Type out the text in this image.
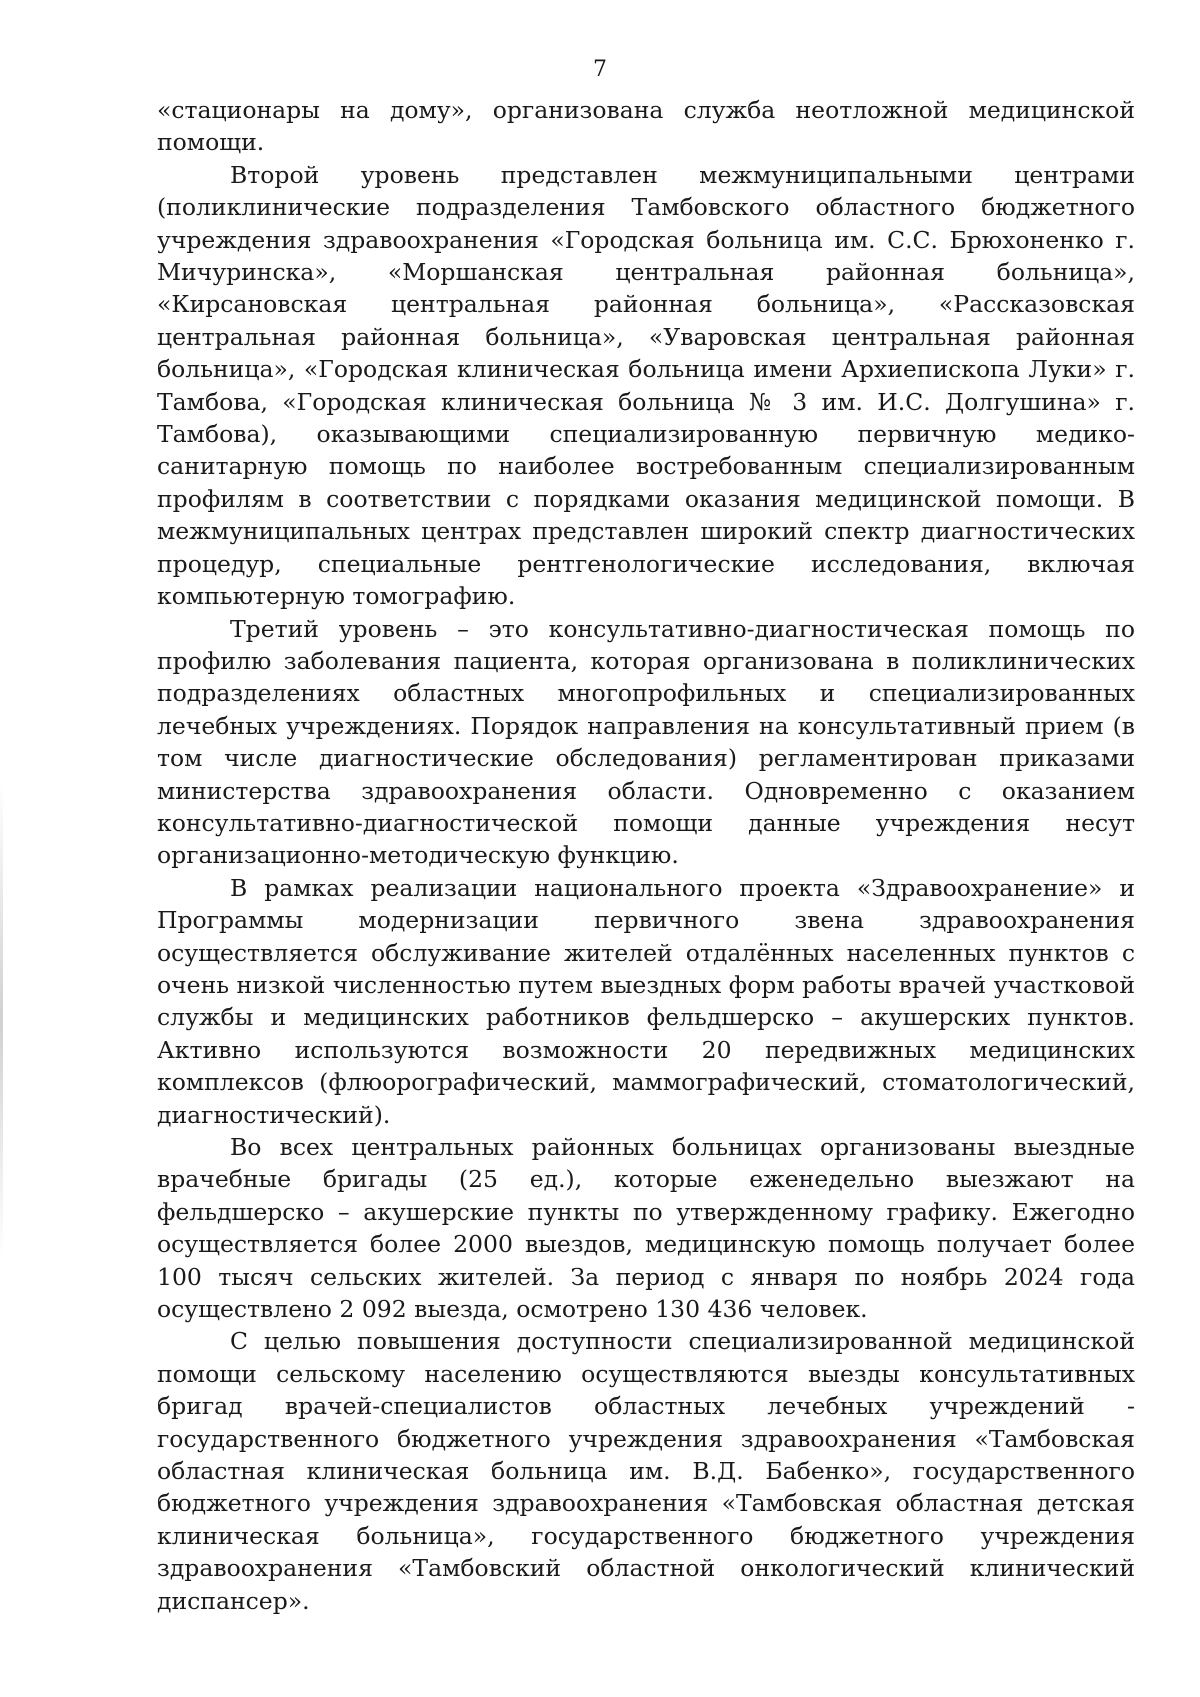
7

«стационары на дому», организована служба неотложной медицинской помощи.

Второй уровень представлен межмуниципальными центрами (поликлинические подразделения Тамбовского областного бюджетного учреждения здравоохранения «Городская больница им. С.С. Брюхоненко г. Мичуринска», «Моршанская центральная районная больница», «Кирсановская центральная районная больница», «Рассказовская центральная районная больница», «Уваровская центральная районная больница», «Городская клиническая больница имени Архиепископа Луки» г. Тамбова, «Городская клиническая больница № 3 им. И.С. Долгушина» г. Тамбова), оказывающими специализированную первичную медико-санитарную помощь по наиболее востребованным специализированным профилям в соответствии с порядками оказания медицинской помощи. В межмуниципальных центрах представлен широкий спектр диагностических процедур, специальные рентгенологические исследования, включая компьютерную томографию.

Третий уровень – это консультативно-диагностическая помощь по профилю заболевания пациента, которая организована в поликлинических подразделениях областных многопрофильных и специализированных лечебных учреждениях. Порядок направления на консультативный прием (в том числе диагностические обследования) регламентирован приказами министерства здравоохранения области. Одновременно с оказанием консультативно-диагностической помощи данные учреждения несут организационно-методическую функцию.

В рамках реализации национального проекта «Здравоохранение» и Программы модернизации первичного звена здравоохранения осуществляется обслуживание жителей отдалённых населенных пунктов с очень низкой численностью путем выездных форм работы врачей участковой службы и медицинских работников фельдшерско – акушерских пунктов. Активно используются возможности 20 передвижных медицинских комплексов (флюорографический, маммографический, стоматологический, диагностический).

Во всех центральных районных больницах организованы выездные врачебные бригады (25 ед.), которые еженедельно выезжают на фельдшерско – акушерские пункты по утвержденному графику. Ежегодно осуществляется более 2000 выездов, медицинскую помощь получает более 100 тысяч сельских жителей. За период с января по ноябрь 2024 года осуществлено 2 092 выезда, осмотрено 130 436 человек.

С целью повышения доступности специализированной медицинской помощи сельскому населению осуществляются выезды консультативных бригад врачей-специалистов областных лечебных учреждений - государственного бюджетного учреждения здравоохранения «Тамбовская областная клиническая больница им. В.Д. Бабенко», государственного бюджетного учреждения здравоохранения «Тамбовская областная детская клиническая больница», государственного бюджетного учреждения здравоохранения «Тамбовский областной онкологический клинический диспансер».
